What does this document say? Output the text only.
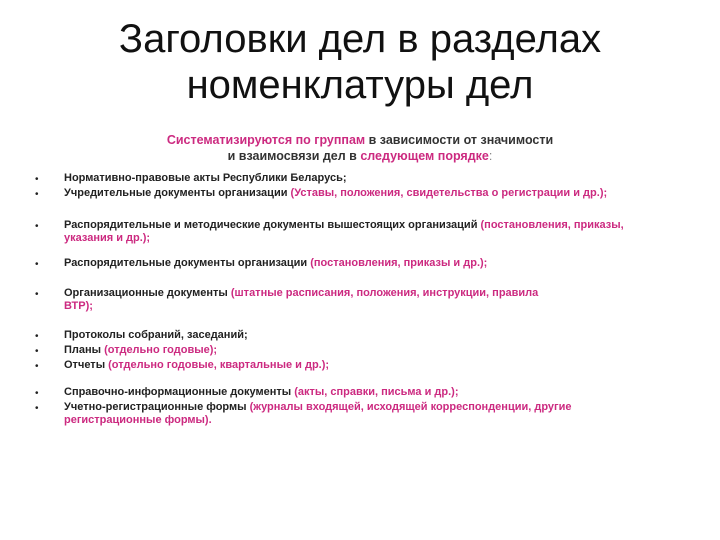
Заголовки дел в разделах
номенклатуры дел
Систематизируются по группам в зависимости от значимости
и взаимосвязи дел в следующем порядке:
• Нормативно-правовые акты Республики Беларусь;
• Учредительные документы организации (Уставы, положения, свидетельства о регистрации и др.);
• Распорядительные и методические документы вышестоящих организаций (постановления, приказы, указания и др.);
• Распорядительные документы организации (постановления, приказы и др.);
• Организационные документы (штатные расписания, положения, инструкции, правила ВТР);
• Протоколы собраний, заседаний;
• Планы (отдельно годовые);
• Отчеты (отдельно годовые, квартальные и др.);
• Справочно-информационные документы (акты, справки, письма и др.);
• Учетно-регистрационные формы (журналы входящей, исходящей корреспонденции, другие регистрационные формы).
